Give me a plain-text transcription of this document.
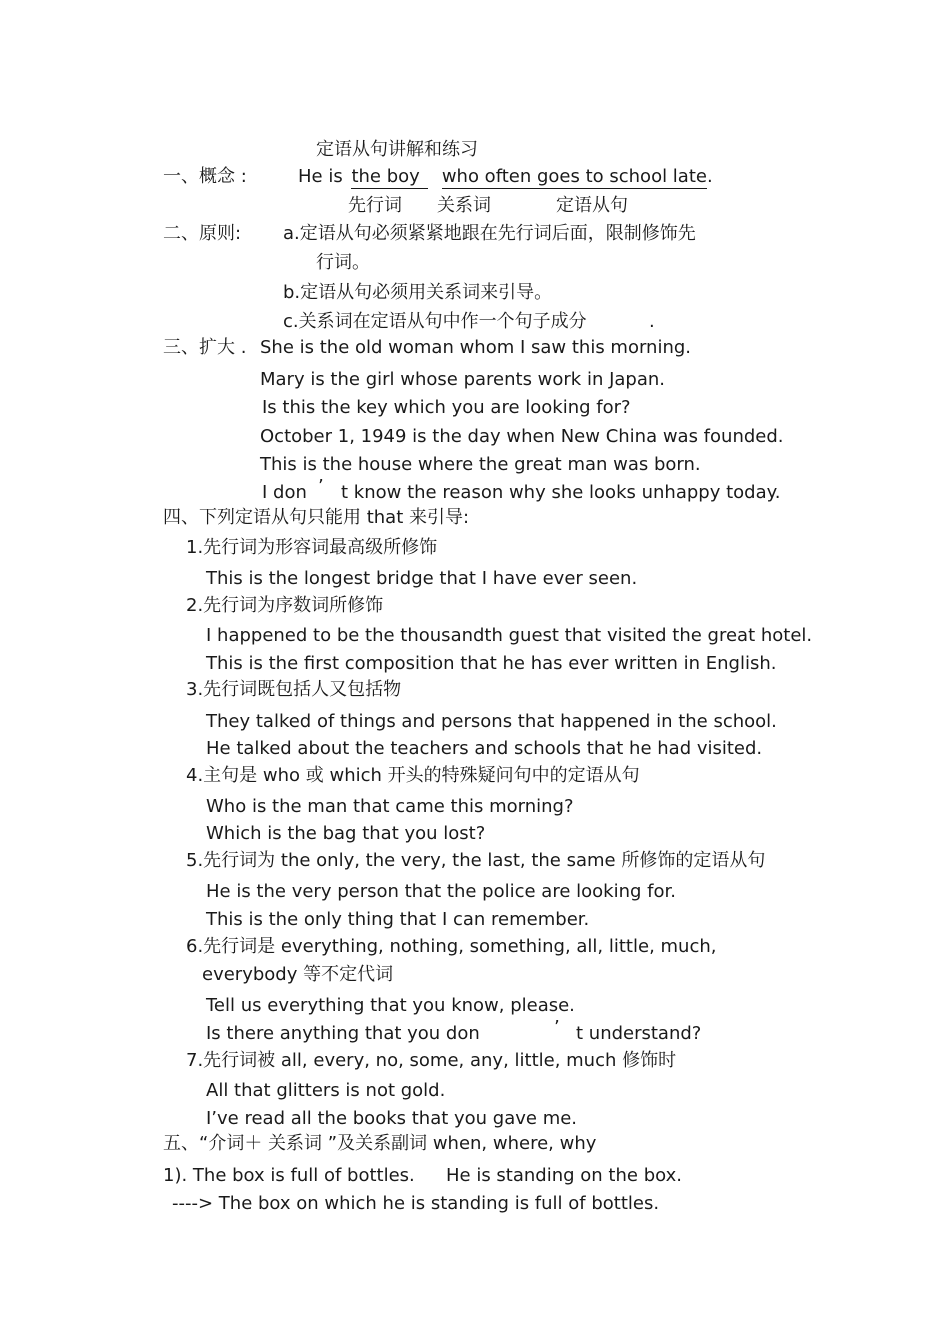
定语从句讲解和练习
一、概念 :	He is the boy who often goes to school late.
先行词 关系词	定语从句
二、原则: a.定语从句必须紧紧地跟在先行词后面，限制修饰先
行词。
b.定语从句必须用关系词来引导。
c.关系词在定语从句中作一个句子成分	.
三、扩大 . She is the old woman whom I saw this morning.
Mary is the girl whose parents work in Japan.
Is this the key which you are looking for?
October 1, 1949 is the day when New China was founded.
This is the house where the great man was born.
I don ’ t know the reason why she looks unhappy today.
四、下列定语从句只能用 that 来引导:
1.先行词为形容词最高级所修饰
This is the longest bridge that I have ever seen.
2.先行词为序数词所修饰
I happened to be the thousandth guest that visited the great hotel.
This is the first composition that he has ever written in English.
3.先行词既包括人又包括物
They talked of things and persons that happened in the school.
He talked about the teachers and schools that he had visited.
4.主句是 who 或 which 开头的特殊疑问句中的定语从句
Who is the man that came this morning?
Which is the bag that you lost?
5.先行词为 the only, the very, the last, the same 所修饰的定语从句
He is the very person that the police are looking for.
This is the only thing that I can remember.
6.先行词是 everything, nothing, something, all, little, much,
everybody 等不定代词
Tell us everything that you know, please.
Is there anything that you don	’ t understand?
7.先行词被 all, every, no, some, any, little, much 修饰时
All that glitters is not gold.
I’ve read all the books that you gave me.
五、“介词＋ 关系词 ”及关系副词 when, where, why
1). The box is full of bottles. He is standing on the box.
----> The box on which he is standing is full of bottles.
